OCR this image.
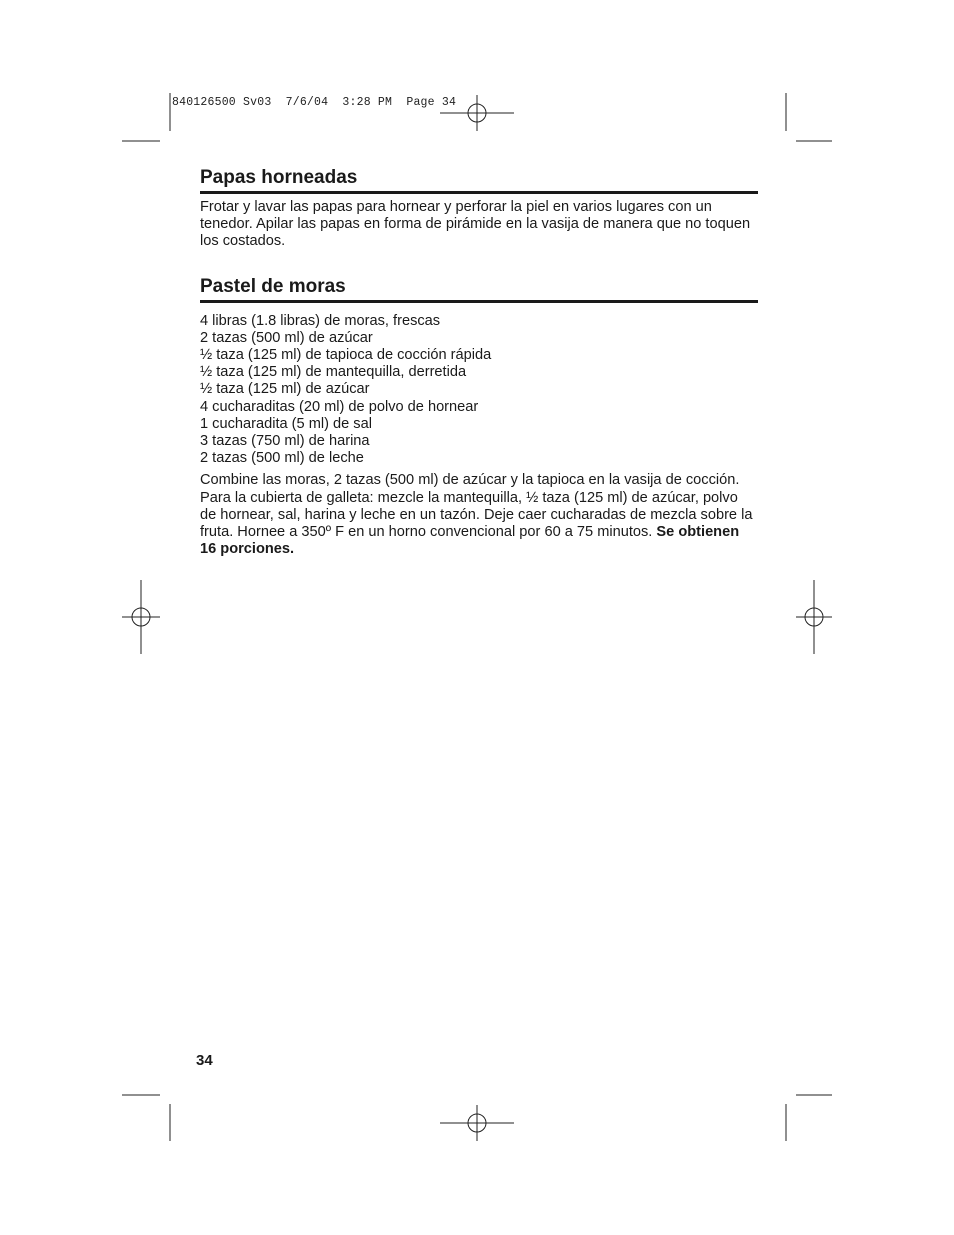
840126500 Sv03  7/6/04  3:28 PM  Page 34
Papas horneadas

Frotar y lavar las papas para hornear y perforar la piel en varios lugares con un tenedor. Apilar las papas en forma de pirámide en la vasija de manera que no toquen los costados.

Pastel de moras
4 libras (1.8 libras) de moras, frescas
2 tazas (500 ml) de azúcar
½ taza (125 ml) de tapioca de cocción rápida
½ taza (125 ml) de mantequilla, derretida
½ taza (125 ml) de azúcar
4 cucharaditas (20 ml) de polvo de hornear
1 cucharadita (5 ml) de sal
3 tazas (750 ml) de harina
2 tazas (500 ml) de leche

Combine las moras, 2 tazas (500 ml) de azúcar y la tapioca en la vasija de cocción. Para la cubierta de galleta: mezcle la mantequilla, ½ taza (125 ml) de azúcar, polvo de hornear, sal, harina y leche en un tazón. Deje caer cucharadas de mezcla sobre la fruta. Hornee a 350º F en un horno convencional por 60 a 75 minutos. Se obtienen 16 porciones.

34
